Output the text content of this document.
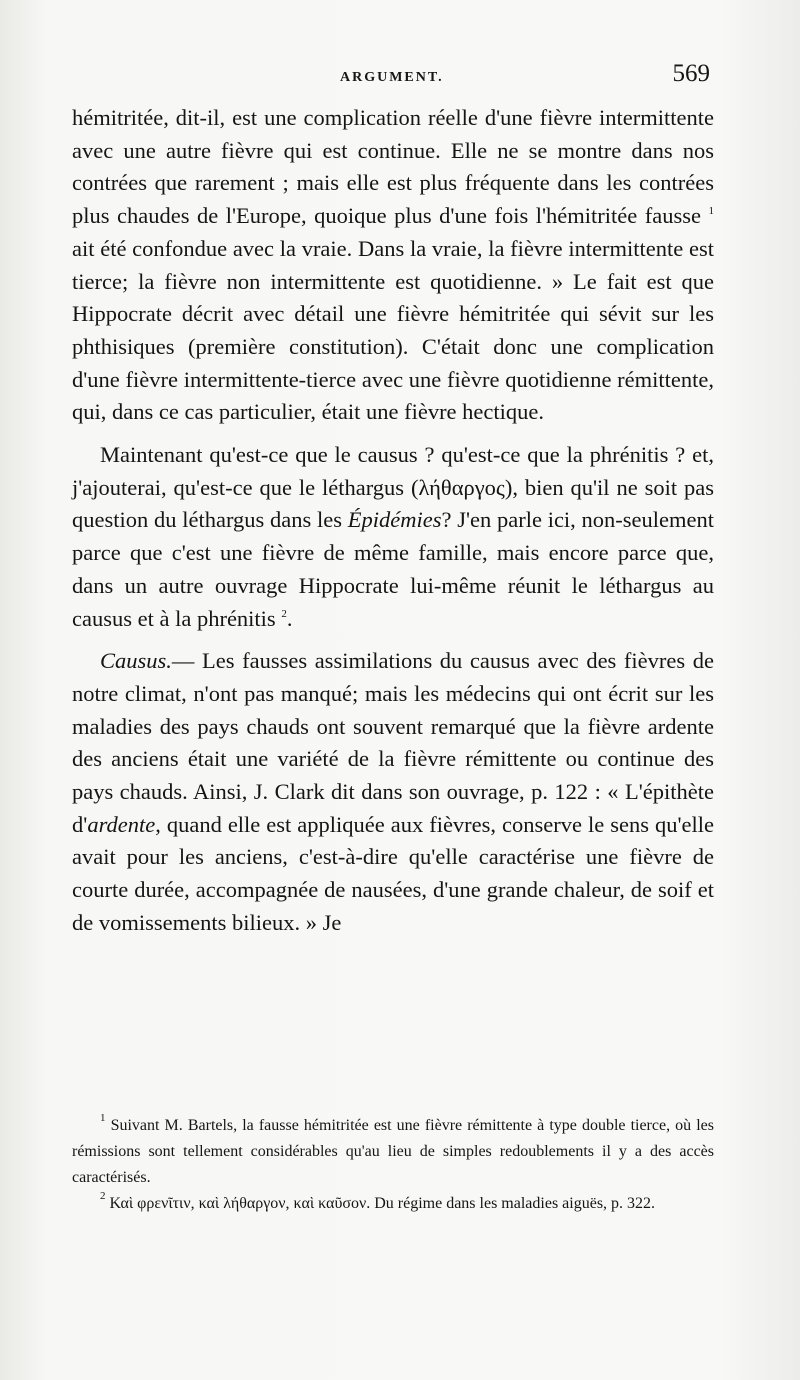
ARGUMENT.	569

hémitritée, dit-il, est une complication réelle d'une fièvre intermittente avec une autre fièvre qui est continue. Elle ne se montre dans nos contrées que rarement ; mais elle est plus fréquente dans les contrées plus chaudes de l'Europe, quoique plus d'une fois l'hémitritée fausse $^1$ ait été confondue avec la vraie. Dans la vraie, la fièvre intermittente est tierce; la fièvre non intermittente est quotidienne. » Le fait est que Hippocrate décrit avec détail une fièvre hémitritée qui sévit sur les phthisiques (première constitution). C'était donc une complication d'une fièvre intermittente-tierce avec une fièvre quotidienne rémittente, qui, dans ce cas particulier, était une fièvre hectique.

Maintenant qu'est-ce que le causus ? qu'est-ce que la phrénitis ? et, j'ajouterai, qu'est-ce que le léthargus (λήθαργος), bien qu'il ne soit pas question du léthargus dans les Épidémies? J'en parle ici, non-seulement parce que c'est une fièvre de même famille, mais encore parce que, dans un autre ouvrage Hippocrate lui-même réunit le léthargus au causus et à la phrénitis $^2$.

Causus.— Les fausses assimilations du causus avec des fièvres de notre climat, n'ont pas manqué; mais les médecins qui ont écrit sur les maladies des pays chauds ont souvent remarqué que la fièvre ardente des anciens était une variété de la fièvre rémittente ou continue des pays chauds. Ainsi, J. Clark dit dans son ouvrage, p. 122 : « L'épithète d'ardente, quand elle est appliquée aux fièvres, conserve le sens qu'elle avait pour les anciens, c'est-à-dire qu'elle caractérise une fièvre de courte durée, accompagnée de nausées, d'une grande chaleur, de soif et de vomissements bilieux. » Je

$^1$ Suivant M. Bartels, la fausse hémitritée est une fièvre rémittente à type double tierce, où les rémissions sont tellement considérables qu'au lieu de simples redoublements il y a des accès caractérisés.

$^2$ Καὶ φρενῖτιν, καὶ λήθαργον, καὶ καῦσον. Du régime dans les maladies aiguës, p. 322.
